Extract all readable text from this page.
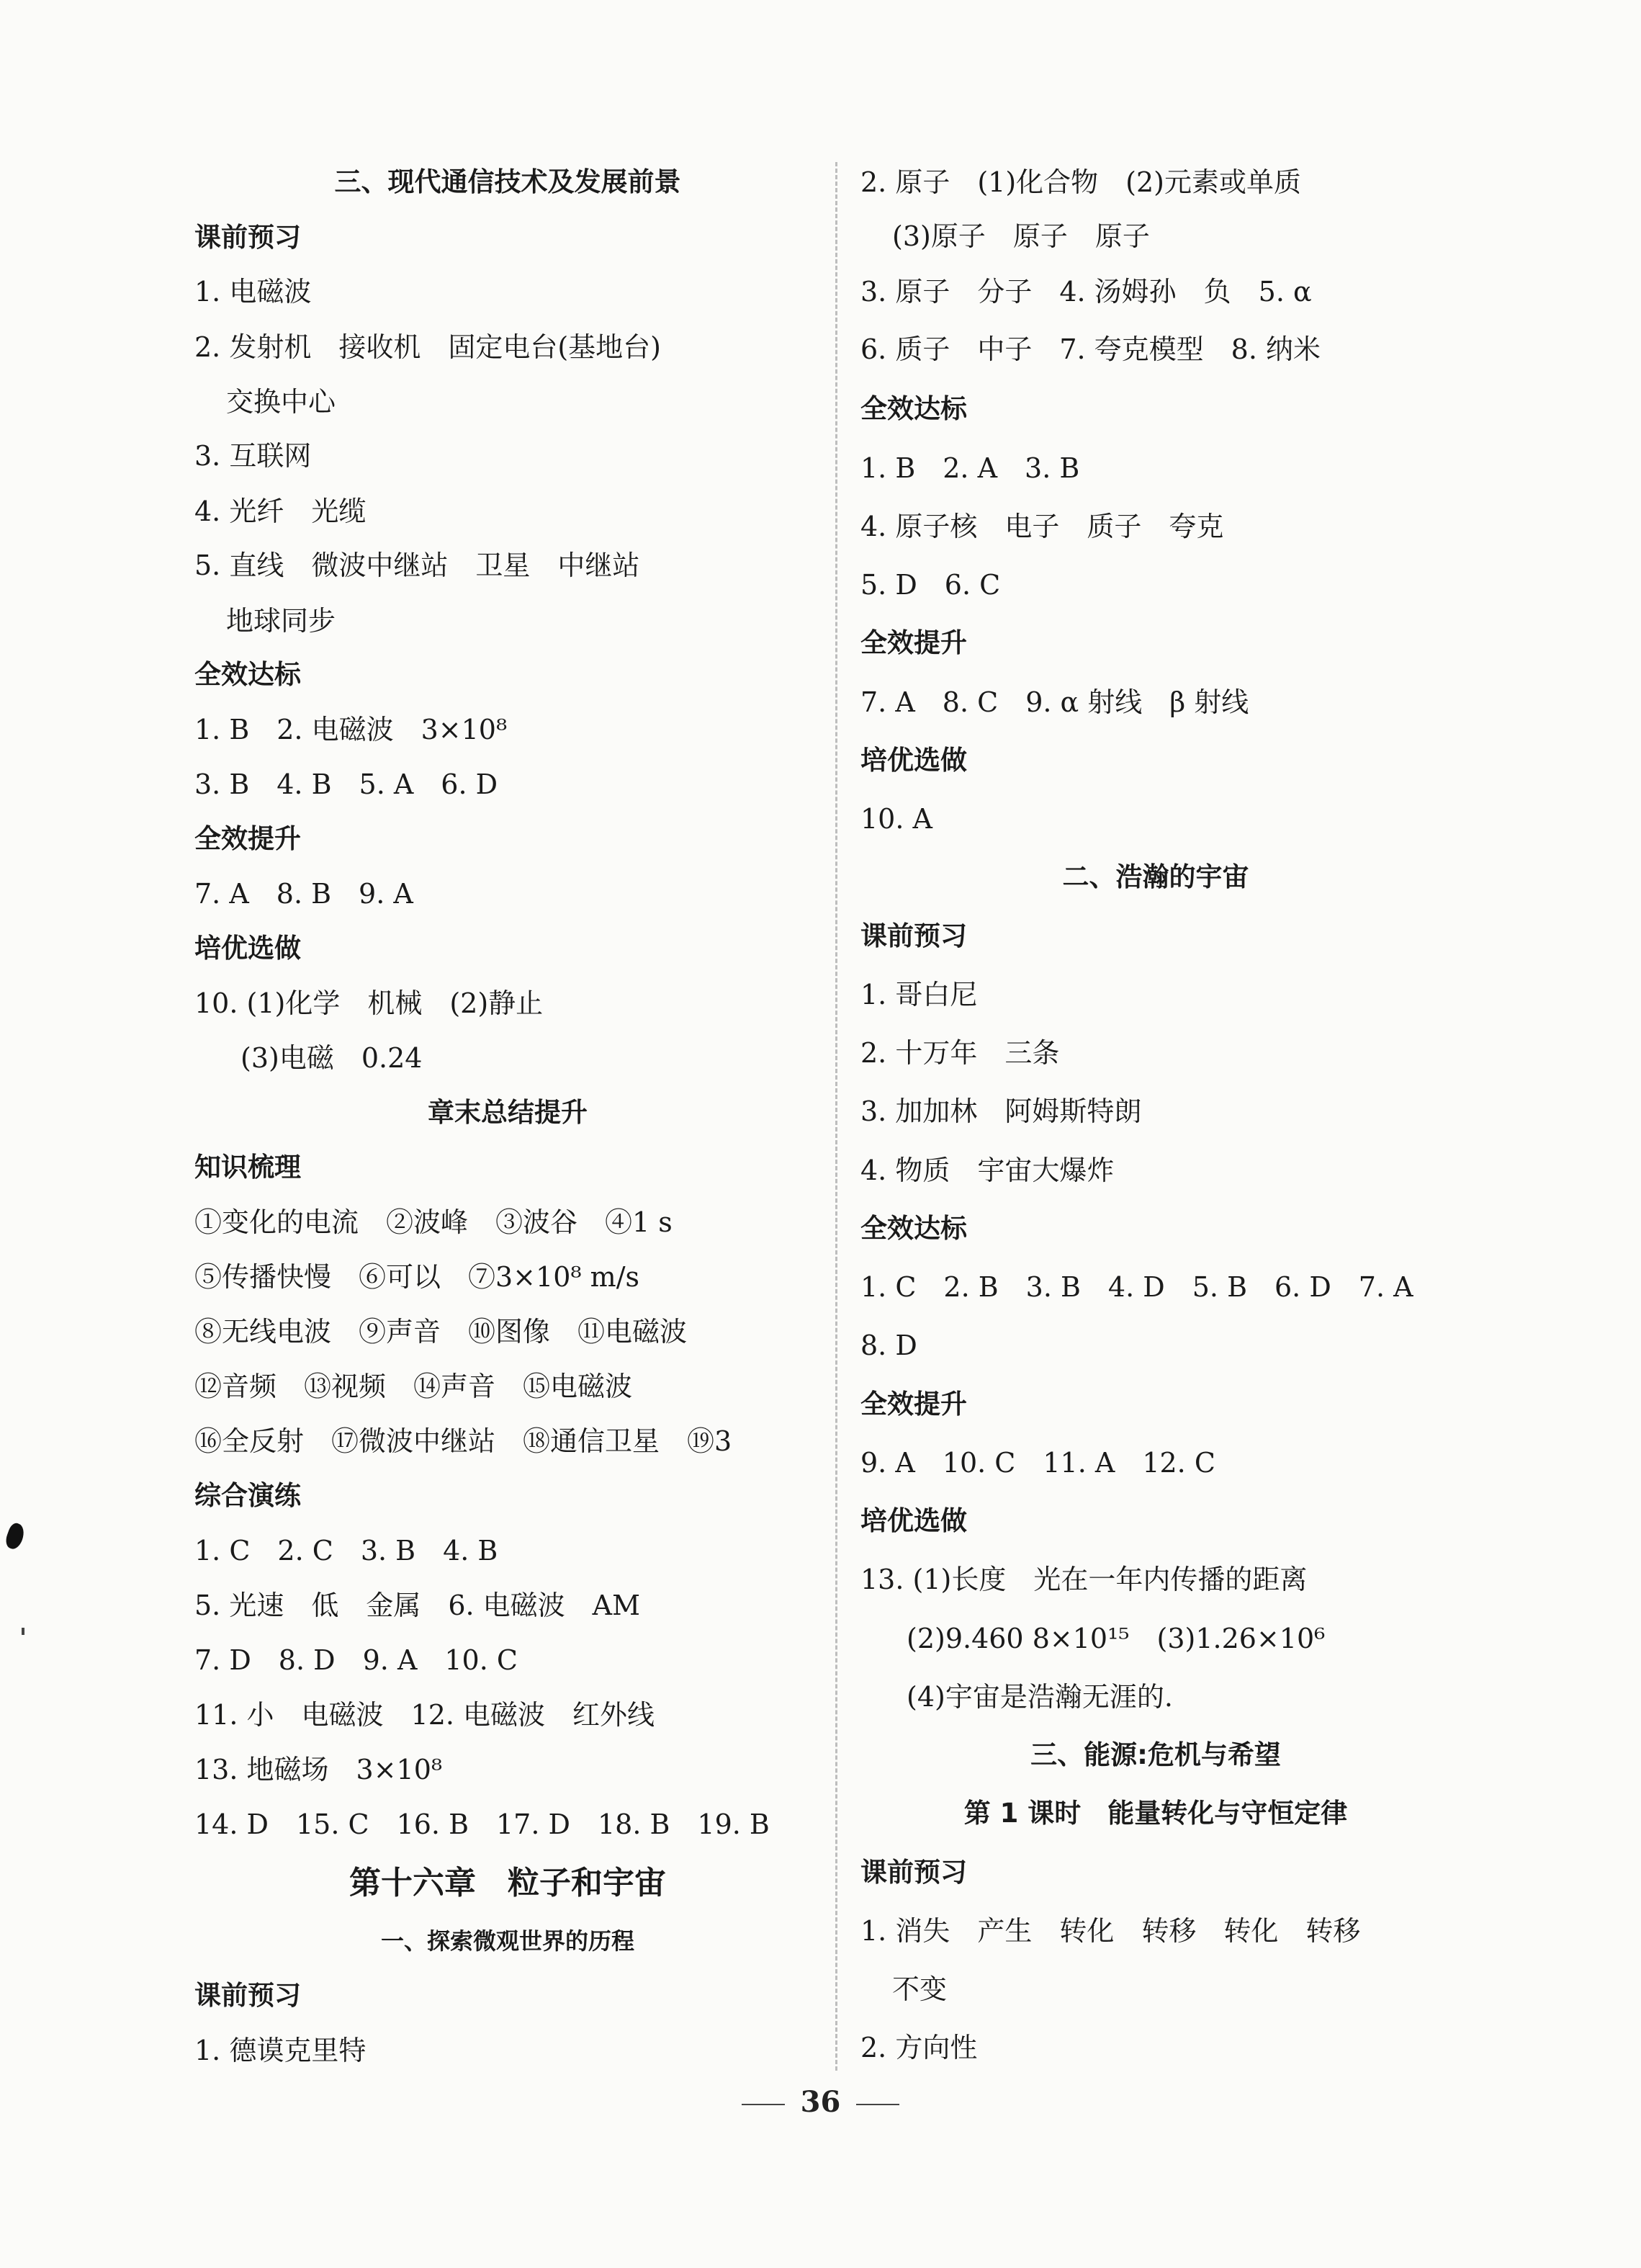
三、现代通信技术及发展前景
课前预习
1. 电磁波
2. 发射机　接收机　固定电台(基地台)
交换中心
3. 互联网
4. 光纤　光缆
5. 直线　微波中继站　卫星　中继站
地球同步
全效达标
1. B　2. 电磁波　3×10⁸
3. B　4. B　5. A　6. D
全效提升
7. A　8. B　9. A
培优选做
10. (1)化学　机械　(2)静止
(3)电磁　0.24
章末总结提升
知识梳理
①变化的电流　②波峰　③波谷　④1 s
⑤传播快慢　⑥可以　⑦3×10⁸ m/s
⑧无线电波　⑨声音　⑩图像　⑪电磁波
⑫音频　⑬视频　⑭声音　⑮电磁波
⑯全反射　⑰微波中继站　⑱通信卫星　⑲3
综合演练
1. C　2. C　3. B　4. B
5. 光速　低　金属　6. 电磁波　AM
7. D　8. D　9. A　10. C
11. 小　电磁波　12. 电磁波　红外线
13. 地磁场　3×10⁸
14. D　15. C　16. B　17. D　18. B　19. B
第十六章　粒子和宇宙
一、探索微观世界的历程
课前预习
1. 德谟克里特
2. 原子　(1)化合物　(2)元素或单质
(3)原子　原子　原子
3. 原子　分子　4. 汤姆孙　负　5. α
6. 质子　中子　7. 夸克模型　8. 纳米
全效达标
1. B　2. A　3. B
4. 原子核　电子　质子　夸克
5. D　6. C
全效提升
7. A　8. C　9. α 射线　β 射线
培优选做
10. A
二、浩瀚的宇宙
课前预习
1. 哥白尼
2. 十万年　三条
3. 加加林　阿姆斯特朗
4. 物质　宇宙大爆炸
全效达标
1. C　2. B　3. B　4. D　5. B　6. D　7. A
8. D
全效提升
9. A　10. C　11. A　12. C
培优选做
13. (1)长度　光在一年内传播的距离
(2)9.460 8×10¹⁵　(3)1.26×10⁶
(4)宇宙是浩瀚无涯的.
三、能源:危机与希望
第 1 课时　能量转化与守恒定律
课前预习
1. 消失　产生　转化　转移　转化　转移
不变
2. 方向性
36
